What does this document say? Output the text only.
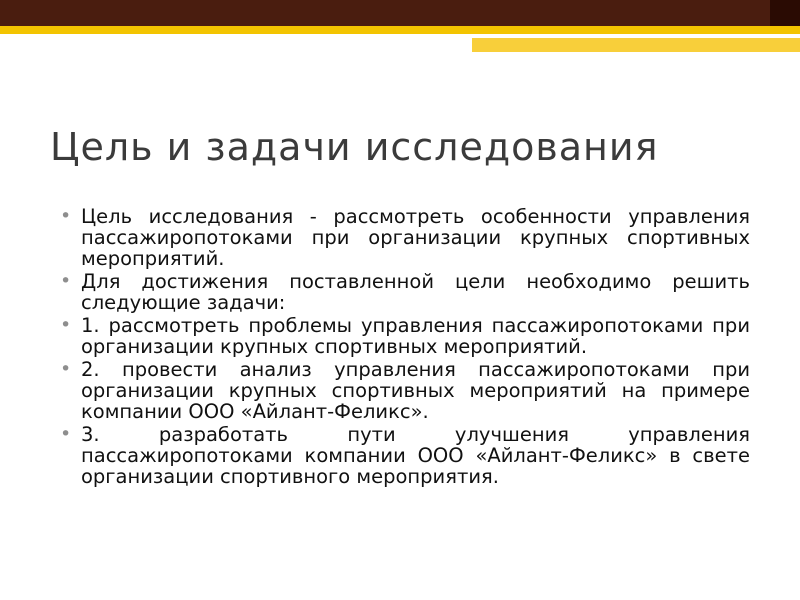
Цель и задачи исследования
• Цель исследования - рассмотреть особенности управления пассажиропотоками при организации крупных спортивных мероприятий.
• Для достижения поставленной цели необходимо решить следующие задачи:
• 1. рассмотреть проблемы управления пассажиропотоками при организации крупных спортивных мероприятий.
• 2. провести анализ управления пассажиропотоками при организации крупных спортивных мероприятий на примере компании ООО «Айлант-Феликс».
• 3. разработать пути улучшения управления пассажиропотоками компании ООО «Айлант-Феликс» в свете организации спортивного мероприятия.
